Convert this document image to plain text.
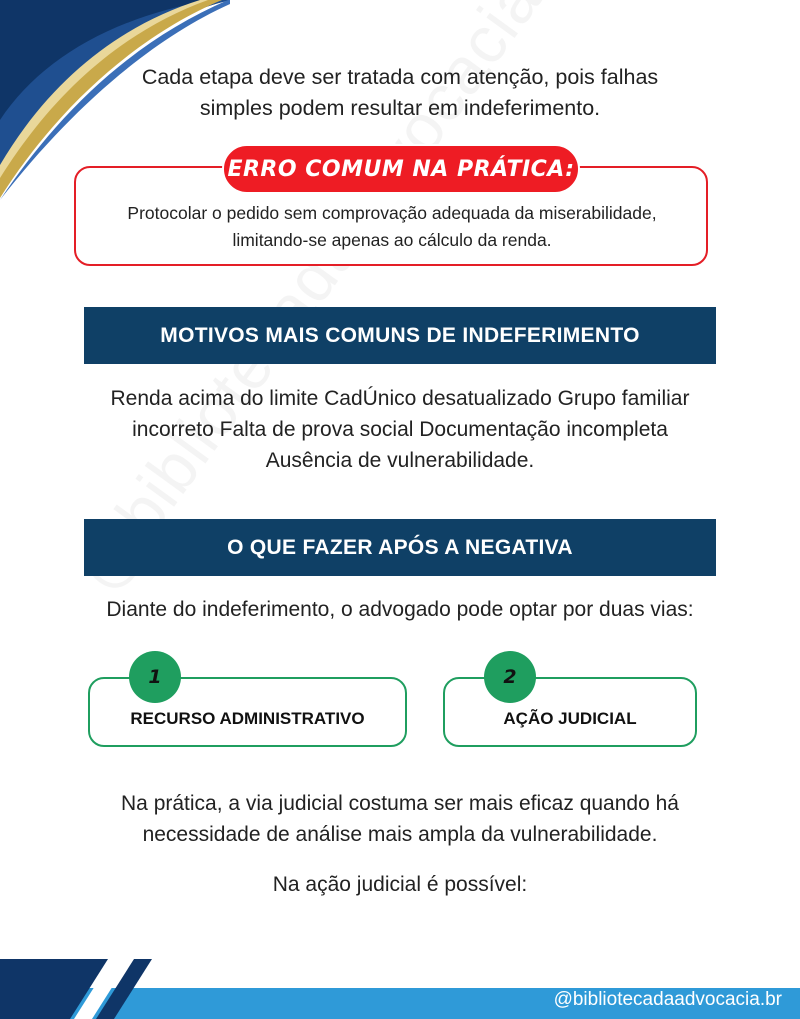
Cada etapa deve ser tratada com atenção, pois falhas
simples podem resultar em indeferimento.
ERRO COMUM NA PRÁTICA:
Protocolar o pedido sem comprovação adequada da miserabilidade,
limitando-se apenas ao cálculo da renda.
MOTIVOS MAIS COMUNS DE INDEFERIMENTO
Renda acima do limite CadÚnico desatualizado Grupo familiar
incorreto Falta de prova social Documentação incompleta
Ausência de vulnerabilidade.
O QUE FAZER APÓS A NEGATIVA
Diante do indeferimento, o advogado pode optar por duas vias:
RECURSO ADMINISTRATIVO
1
AÇÃO JUDICIAL
2
Na prática, a via judicial costuma ser mais eficaz quando há
necessidade de análise mais ampla da vulnerabilidade.
Na ação judicial é possível:
@bibliotecadaadvocacia.br
